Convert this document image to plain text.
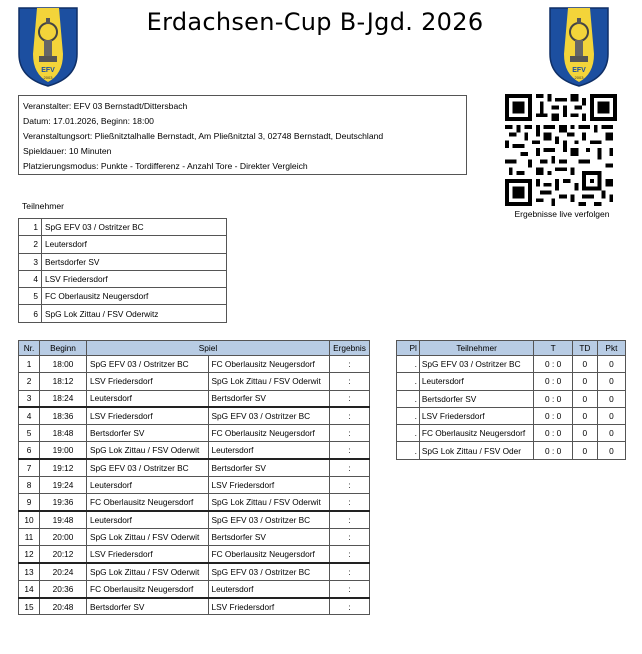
EFV
2003
Erdachsen-Cup B-Jgd. 2026
EFV
2003
Veranstalter: EFV 03 Bernstadt/Dittersbach
Datum: 17.01.2026, Beginn: 18:00
Veranstaltungsort: Pließnitztalhalle Bernstadt, Am Pließnitztal 3, 02748 Bernstadt, Deutschland
Spieldauer: 10 Minuten
Platzierungsmodus: Punkte - Tordifferenz - Anzahl Tore - Direkter Vergleich
Ergebnisse live verfolgen
Teilnehmer
1	SpG EFV 03 / Ostritzer BC
2	Leutersdorf
3	Bertsdorfer SV
4	LSV Friedersdorf
5	FC Oberlausitz Neugersdorf
6	SpG Lok Zittau / FSV Oderwitz
Nr.	Beginn	Spiel		Ergebnis
1	18:00	SpG EFV 03 / Ostritzer BC	FC Oberlausitz Neugersdorf	:
2	18:12	LSV Friedersdorf	SpG Lok Zittau / FSV Oderwit	:
3	18:24	Leutersdorf	Bertsdorfer SV	:
4	18:36	LSV Friedersdorf	SpG EFV 03 / Ostritzer BC	:
5	18:48	Bertsdorfer SV	FC Oberlausitz Neugersdorf	:
6	19:00	SpG Lok Zittau / FSV Oderwit	Leutersdorf	:
7	19:12	SpG EFV 03 / Ostritzer BC	Bertsdorfer SV	:
8	19:24	Leutersdorf	LSV Friedersdorf	:
9	19:36	FC Oberlausitz Neugersdorf	SpG Lok Zittau / FSV Oderwit	:
10	19:48	Leutersdorf	SpG EFV 03 / Ostritzer BC	:
11	20:00	SpG Lok Zittau / FSV Oderwit	Bertsdorfer SV	:
12	20:12	LSV Friedersdorf	FC Oberlausitz Neugersdorf	:
13	20:24	SpG Lok Zittau / FSV Oderwit	SpG EFV 03 / Ostritzer BC	:
14	20:36	FC Oberlausitz Neugersdorf	Leutersdorf	:
15	20:48	Bertsdorfer SV	LSV Friedersdorf	:
Pl	Teilnehmer	T	TD	Pkt
.	SpG EFV 03 / Ostritzer BC	0 : 0	0	0
.	Leutersdorf	0 : 0	0	0
.	Bertsdorfer SV	0 : 0	0	0
.	LSV Friedersdorf	0 : 0	0	0
.	FC Oberlausitz Neugersdorf	0 : 0	0	0
.	SpG Lok Zittau / FSV Oder	0 : 0	0	0
